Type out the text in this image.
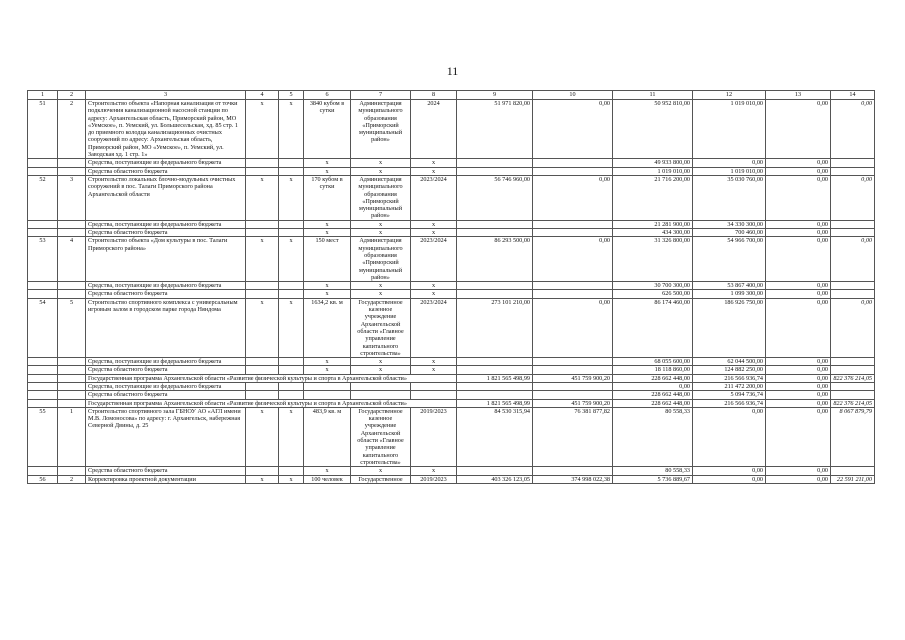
11
1	2	3	4	5	6	7	8	9	10	11	12	13	14
51	2	Строительство объекта «Напорная канализация от точки подключения канализационной насосной станции по адресу: Архангельская область, Приморский район, МО «Уемское», п. Уемский, ул. Большесельская, хд. 85 стр. 1 до приемного колодца канализационных очистных сооружений по адресу: Архангельская область, Приморский район, МО «Уемское», п. Уемский, ул. Заводская хд. 1 стр. 1»	х	х	3840 кубом в сутки	Администрация муниципального образования «Приморский муниципальный район»	2024	51 971 820,00	0,00	50 952 810,00	1 019 010,00	0,00	0,00
		Средства, поступающие из федерального бюджета			х	х	х			49 933 800,00	0,00	0,00	
		Средства областного бюджета			х	х	х			1 019 010,00	1 019 010,00	0,00	
52	3	Строительство локальных блочно-модульных очистных сооружений в пос. Талаги Приморского района Архангельской области	х	х	170 кубом в сутки	Администрация муниципального образования «Приморский муниципальный район»	2023/2024	56 746 960,00	0,00	21 716 200,00	35 030 760,00	0,00	0,00
		Средства, поступающие из федерального бюджета			х	х	х			21 281 900,00	34 330 300,00	0,00	
		Средства областного бюджета			х	х	х			434 300,00	700 460,00	0,00	
53	4	Строительство объекта «Дом культуры в пос. Талаги Приморского района»	х	х	150 мест	Администрация муниципального образования «Приморский муниципальный район»	2023/2024	86 293 500,00	0,00	31 326 800,00	54 966 700,00	0,00	0,00
		Средства, поступающие из федерального бюджета			х	х	х			30 700 300,00	53 867 400,00	0,00	
		Средства областного бюджета			х	х	х			626 500,00	1 099 300,00	0,00	
54	5	Строительство спортивного комплекса с универсальным игровым залом в городском парке города Няндома	х	х	1634,2 кв. м	Государственное казенное учреждение Архангельской области «Главное управление капитального строительства»	2023/2024	273 101 210,00	0,00	86 174 460,00	186 926 750,00	0,00	0,00
		Средства, поступающие из федерального бюджета			х	х	х			68 055 600,00	62 044 500,00	0,00	
		Средства областного бюджета			х	х	х			18 118 860,00	124 882 250,00	0,00	
		Государственная программа Архангельской области «Развитие физической культуры и спорта в Архангельской области»						1 821 565 498,99	451 759 900,20	228 662 448,00	216 566 936,74	0,00	822 376 214,05
		Средства, поступающие из федерального бюджета								0,00	211 472 200,00	0,00	
		Средства областного бюджета								228 662 448,00	5 094 736,74	0,00	
		Государственная программа Архангельской области «Развитие физической культуры и спорта в Архангельской области»						1 821 565 498,99	451 759 900,20	228 662 448,00	216 566 936,74	0,00	822 376 214,05
55	1	Строительство спортивного зала ГБНОУ АО «АГЛ имени М.В. Ломоносова» по адресу: г. Архангельск, набережная Северной Двины, д. 25	х	х	483,9 кв. м	Государственное казенное учреждение Архангельской области «Главное управление капитального строительства»	2019/2023	84 530 315,94	76 381 877,82	80 558,33	0,00	0,00	8 067 879,79
		Средства областного бюджета			х	х	х			80 558,33	0,00	0,00	
56	2	Корректировка проектной документации	х	х	100 человек	Государственное	2019/2023	403 326 123,05	374 998 022,38	5 736 889,67	0,00	0,00	22 591 211,00
